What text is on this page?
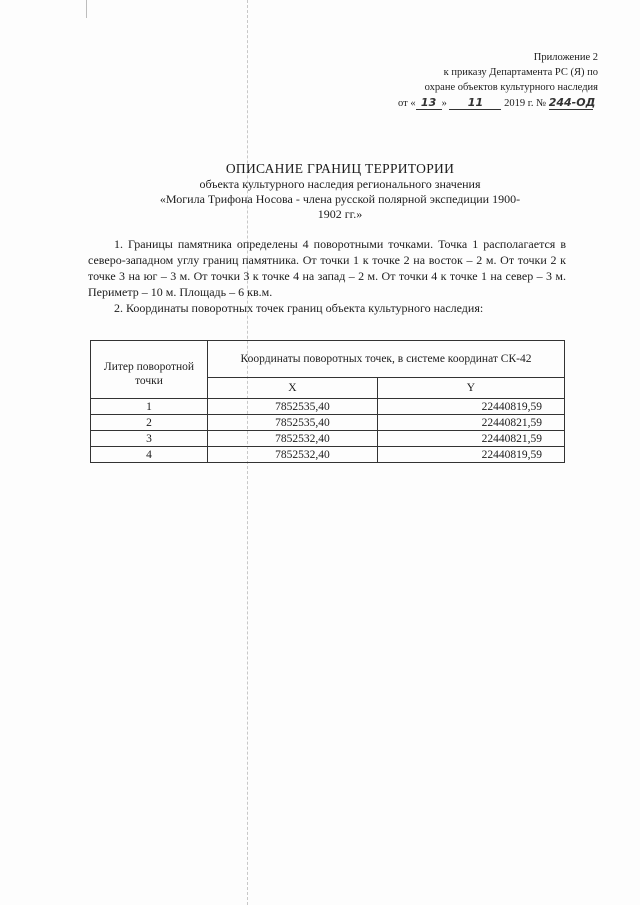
Приложение 2
к приказу Департамента РС (Я) по
охране объектов культурного наследия
от « 13 » 11 2019 г. № 244-ОД
ОПИСАНИЕ ГРАНИЦ ТЕРРИТОРИИ
объекта культурного наследия регионального значения
«Могила Трифона Носова - члена русской полярной экспедиции 1900-
1902 гг.»

1. Границы памятника определены 4 поворотными точками. Точка 1 располагается в северо-западном углу границ памятника. От точки 1 к точке 2 на восток – 2 м. От точки 2 к точке 3 на юг – 3 м. От точки 3 к точке 4 на запад – 2 м. От точки 4 к точке 1 на север – 3 м. Периметр – 10 м. Площадь – 6 кв.м.

2. Координаты поворотных точек границ объекта культурного наследия:

Литер поворотной точки	Координаты поворотных точек, в системе координат СК-42	
	X	Y
1	7852535,40	22440819,59
2	7852535,40	22440821,59
3	7852532,40	22440821,59
4	7852532,40	22440819,59
